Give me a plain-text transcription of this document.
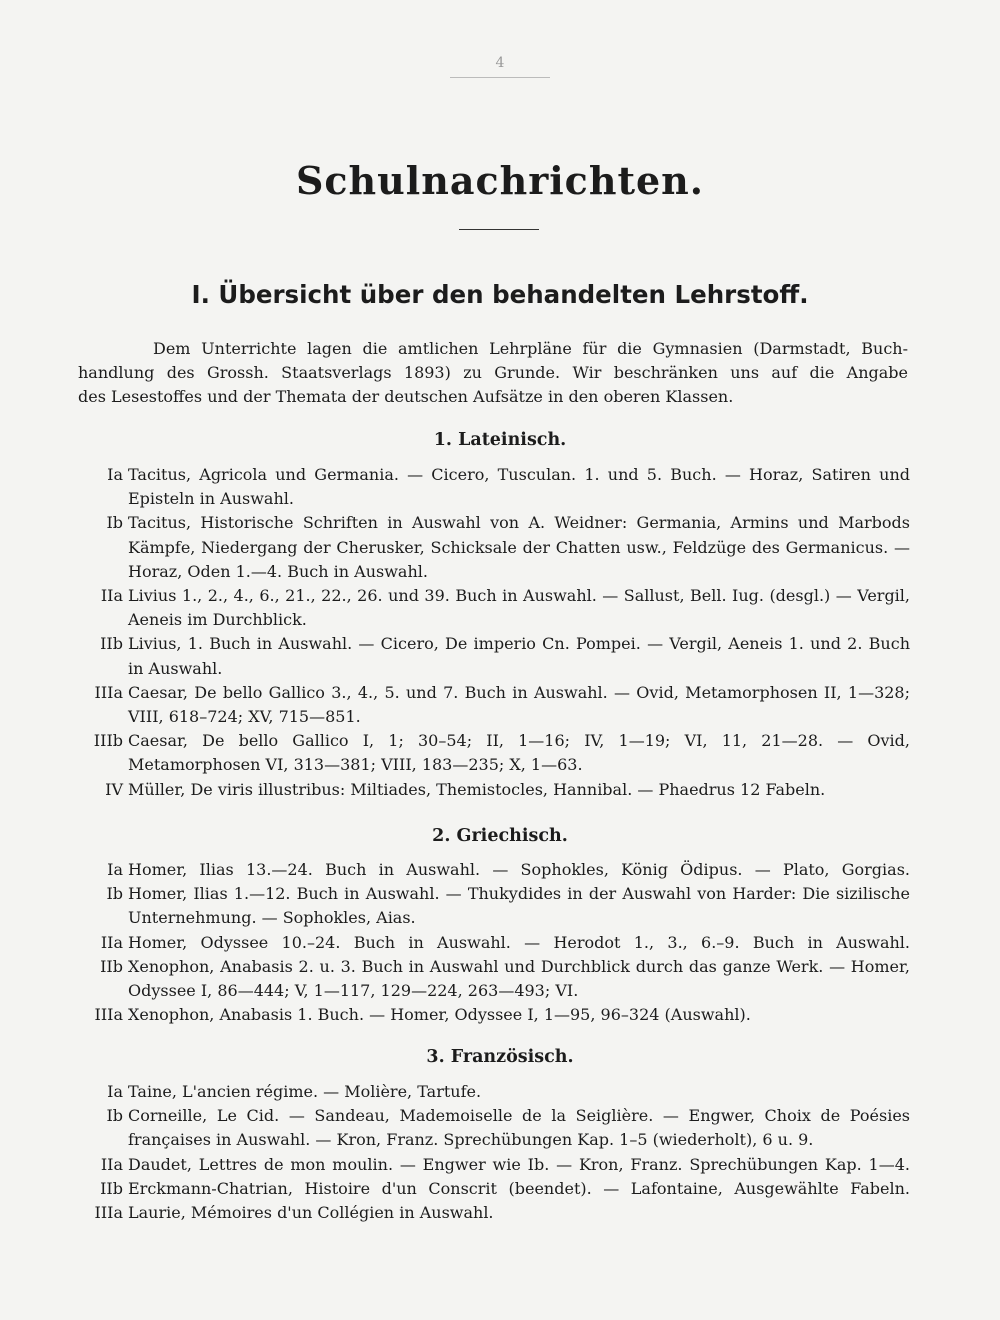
4
Schulnachrichten.
I. Übersicht über den behandelten Lehrstoff.

Dem Unterrichte lagen die amtlichen Lehrpläne für die Gymnasien (Darmstadt, Buch-
handlung des Grossh. Staatsverlags 1893) zu Grunde. Wir beschränken uns auf die Angabe
des Lesestoffes und der Themata der deutschen Aufsätze in den oberen Klassen.

1. Lateinisch.
Ia Tacitus, Agricola und Germania. — Cicero, Tusculan. 1. und 5. Buch. — Horaz, Satiren und Episteln in Auswahl.
Ib Tacitus, Historische Schriften in Auswahl von A. Weidner: Germania, Armins und Marbods Kämpfe, Niedergang der Cherusker, Schicksale der Chatten usw., Feldzüge des Germanicus. — Horaz, Oden 1.—4. Buch in Auswahl.
IIa Livius 1., 2., 4., 6., 21., 22., 26. und 39. Buch in Auswahl. — Sallust, Bell. Iug. (desgl.) — Vergil, Aeneis im Durchblick.
IIb Livius, 1. Buch in Auswahl. — Cicero, De imperio Cn. Pompei. — Vergil, Aeneis 1. und 2. Buch in Auswahl.
IIIa Caesar, De bello Gallico 3., 4., 5. und 7. Buch in Auswahl. — Ovid, Metamorphosen II, 1—328; VIII, 618–724; XV, 715—851.
IIIb Caesar, De bello Gallico I, 1; 30–54; II, 1—16; IV, 1—19; VI, 11, 21—28. — Ovid, Metamorphosen VI, 313—381; VIII, 183—235; X, 1—63.
IV Müller, De viris illustribus: Miltiades, Themistocles, Hannibal. — Phaedrus 12 Fabeln.
2. Griechisch.
Ia Homer, Ilias 13.—24. Buch in Auswahl. — Sophokles, König Ödipus. — Plato, Gorgias.
Ib Homer, Ilias 1.—12. Buch in Auswahl. — Thukydides in der Auswahl von Harder: Die sizilische Unternehmung. — Sophokles, Aias.
IIa Homer, Odyssee 10.–24. Buch in Auswahl. — Herodot 1., 3., 6.–9. Buch in Auswahl.
IIb Xenophon, Anabasis 2. u. 3. Buch in Auswahl und Durchblick durch das ganze Werk. — Homer, Odyssee I, 86—444; V, 1—117, 129—224, 263—493; VI.
IIIa Xenophon, Anabasis 1. Buch. — Homer, Odyssee I, 1—95, 96–324 (Auswahl).
3. Französisch.
Ia Taine, L'ancien régime. — Molière, Tartufe.
Ib Corneille, Le Cid. — Sandeau, Mademoiselle de la Seiglière. — Engwer, Choix de Poésies françaises in Auswahl. — Kron, Franz. Sprechübungen Kap. 1–5 (wiederholt), 6 u. 9.
IIa Daudet, Lettres de mon moulin. — Engwer wie Ib. — Kron, Franz. Sprechübungen Kap. 1—4.
IIb Erckmann-Chatrian, Histoire d'un Conscrit (beendet). — Lafontaine, Ausgewählte Fabeln.
IIIa Laurie, Mémoires d'un Collégien in Auswahl.
